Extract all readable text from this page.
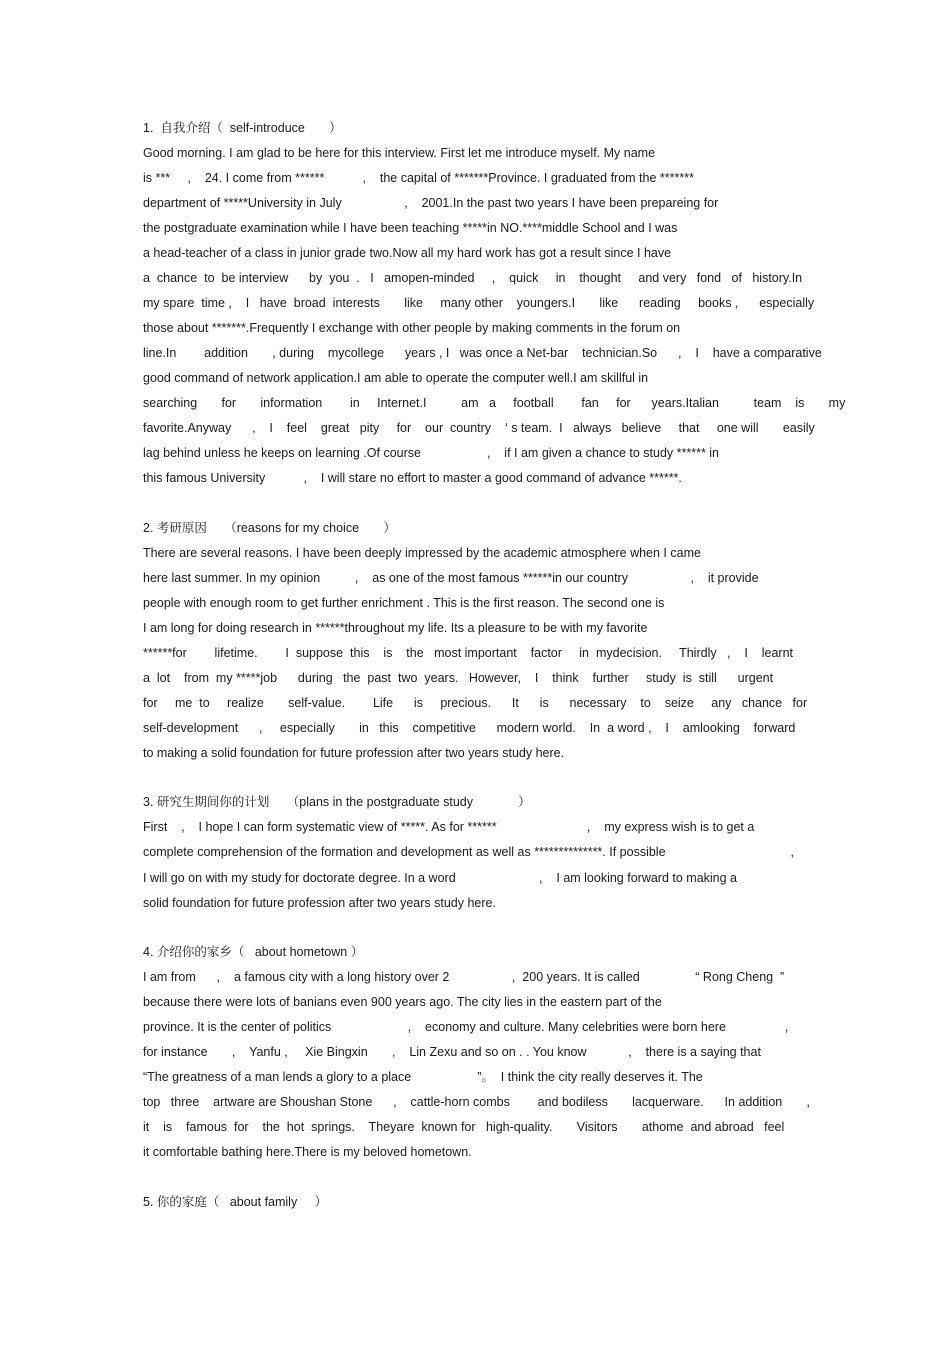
1.  自我介绍（  self-introduce       ）
Good morning. I am glad to be here for this interview. First let me introduce myself. My name
is ***     ,    24. I come from ******           ,    the capital of *******Province. I graduated from the *******
department of *****University in July                  ,    2001.In the past two years I have been prepareing for
the postgraduate examination while I have been teaching *****in NO.****middle School and I was
a head-teacher of a class in junior grade two.Now all my hard work has got a result since I have
a  chance  to  be interview      by  you  .   I   amopen-minded     ,    quick     in    thought     and very   fond   of   history.In
my spare  time ,    I   have  broad  interests       like     many other    youngers.I       like      reading     books ,      especially
those about *******.Frequently I exchange with other people by making comments in the forum on
line.In        addition       , during    mycollege      years , I   was once a Net-bar    technician.So      ,    I    have a comparative
good command of network application.I am able to operate the computer well.I am skillful in
searching       for       information        in     Internet.I          am   a     football        fan     for      years.Italian          team    is       my
favorite.Anyway      ,    I    feel    great   pity     for    our  country    ‘ s team.  I   always   believe     that     one will       easily
lag behind unless he keeps on learning .Of course                   ,    if I am given a chance to study ****** in
this famous University           ,    I will stare no effort to master a good command of advance ******.
2. 考研原因     （reasons for my choice       ）
There are several reasons. I have been deeply impressed by the academic atmosphere when I came
here last summer. In my opinion          ,    as one of the most famous ******in our country                  ,    it provide
people with enough room to get further enrichment . This is the first reason. The second one is
I am long for doing research in ******throughout my life. Its a pleasure to be with my favorite
******for        lifetime.        I  suppose  this    is    the   most important    factor     in  mydecision.     Thirdly   ,    I    learnt
a  lot    from  my *****job      during   the  past  two  years.   However,    I    think    further     study  is  still      urgent
for     me  to     realize       self-value.        Life      is     precious.      It      is      necessary    to    seize     any   chance   for
self-development      ,     especially       in   this    competitive      modern world.    In  a word ,    I    amlooking    forward
to making a solid foundation for future profession after two years study here.
3. 研究生期间你的计划     （plans in the postgraduate study             ）
First    ,    I hope I can form systematic view of *****. As for ******                          ,    my express wish is to get a
complete comprehension of the formation and development as well as **************. If possible                                    ,
I will go on with my study for doctorate degree. In a word                        ,    I am looking forward to making a
solid foundation for future profession after two years study here.
4. 介绍你的家乡（   about hometown ）
I am from      ,    a famous city with a long history over 2                  ,  200 years. It is called                “ Rong Cheng  ”
because there were lots of banians even 900 years ago. The city lies in the eastern part of the
province. It is the center of politics                      ,    economy and culture. Many celebrities were born here                 ,
for instance       ,    Yanfu ,     Xie Bingxin       ,    Lin Zexu and so on . . You know            ,    there is a saying that
“The greatness of a man lends a glory to a place                   ”。  I think the city really deserves it. The
top   three    artware are Shoushan Stone      ,    cattle-horn combs        and bodiless       lacquerware.      In addition       ,
it    is    famous  for    the  hot  springs.    Theyare  known for   high-quality.       Visitors       athome  and abroad   feel
it comfortable bathing here.There is my beloved hometown.
5. 你的家庭（   about family     ）
